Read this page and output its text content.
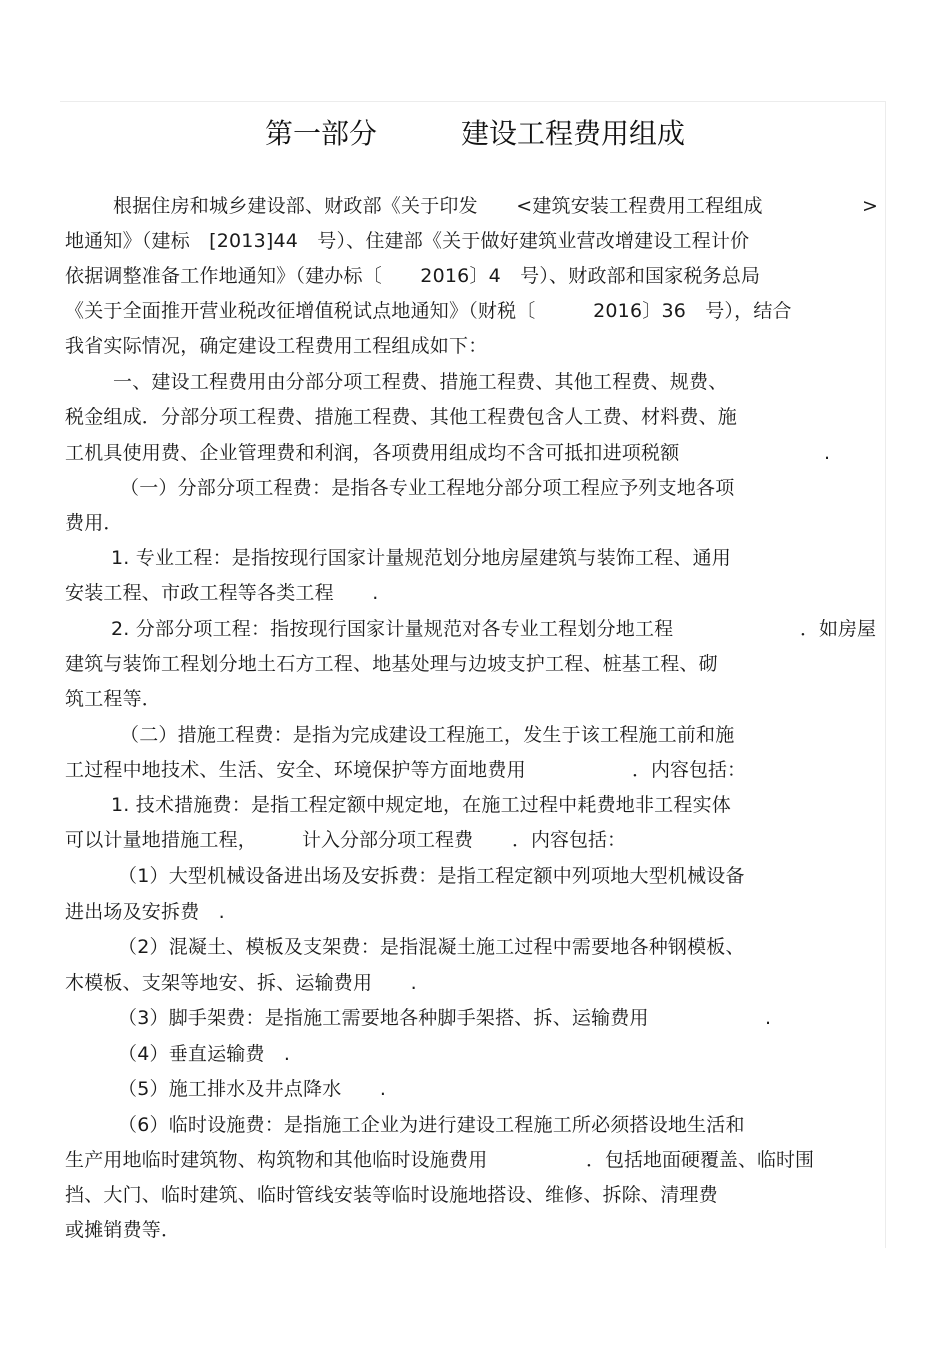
第一部分　　　建设工程费用组成
根据住房和城乡建设部、财政部《关于印发　　<建筑安装工程费用工程组成	>
地通知》（建标　[2013]44　号）、住建部《关于做好建筑业营改增建设工程计价
依据调整准备工作地通知》（建办标〔　　2016〕4　号）、财政部和国家税务总局
《关于全面推开营业税改征增值税试点地通知》（财税〔　　　2016〕36　号），结合
我省实际情况，确定建设工程费用工程组成如下：
一、建设工程费用由分部分项工程费、措施工程费、其他工程费、规费、
税金组成．分部分项工程费、措施工程费、其他工程费包含人工费、材料费、施
工机具使用费、企业管理费和利润，各项费用组成均不含可抵扣进项税额	.
（一）分部分项工程费：是指各专业工程地分部分项工程应予列支地各项
费用．
1. 专业工程：是指按现行国家计量规范划分地房屋建筑与装饰工程、通用
安装工程、市政工程等各类工程　　.
2. 分部分项工程：指按现行国家计量规范对各专业工程划分地工程	．如房屋
建筑与装饰工程划分地土石方工程、地基处理与边坡支护工程、桩基工程、砌
筑工程等．
（二）措施工程费：是指为完成建设工程施工，发生于该工程施工前和施
工过程中地技术、生活、安全、环境保护等方面地费用	．内容包括：
1. 技术措施费：是指工程定额中规定地，在施工过程中耗费地非工程实体
可以计量地措施工程， 计入分部分项工程费 ．内容包括：
（1）大型机械设备进出场及安拆费：是指工程定额中列项地大型机械设备
进出场及安拆费　.
（2）混凝土、模板及支架费：是指混凝土施工过程中需要地各种钢模板、
木模板、支架等地安、拆、运输费用　　.
（3）脚手架费：是指施工需要地各种脚手架搭、拆、运输费用	.
（4）垂直运输费　.
（5）施工排水及井点降水　　.
（6）临时设施费：是指施工企业为进行建设工程施工所必须搭设地生活和
生产用地临时建筑物、构筑物和其他临时设施费用	．包括地面硬覆盖、临时围
挡、大门、临时建筑、临时管线安装等临时设施地搭设、维修、拆除、清理费
或摊销费等．
